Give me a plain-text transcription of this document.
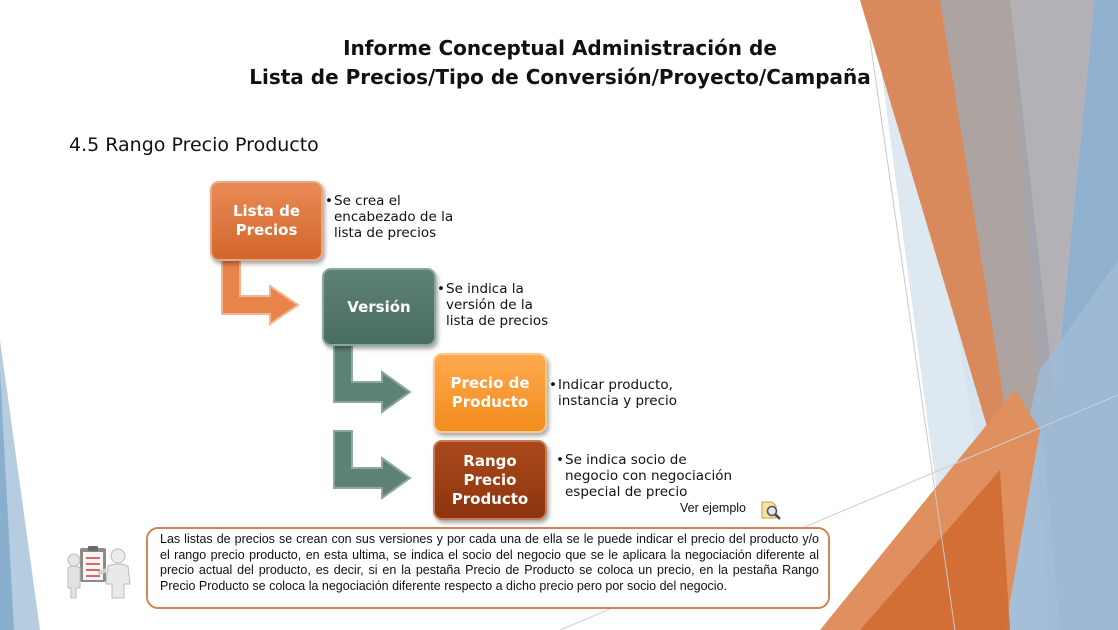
Informe Conceptual Administración de
Lista de Precios/Tipo de Conversión/Proyecto/Campaña
4.5 Rango Precio Producto
Lista de
Precios
Versión
Precio de
Producto
Rango
Precio
Producto
• Se crea el
encabezado de la
lista de precios
• Se indica la
versión de la
lista de precios
• Indicar producto,
instancia y precio
• Se indica socio de
negocio con negociación
especial de precio
Ver ejemplo
Las listas de precios se crean con sus versiones y por cada una de ella se le puede indicar el precio del producto y/o el rango precio producto, en esta ultima, se indica el socio del negocio que se le aplicara la negociación diferente al precio actual del producto, es decir, si en la pestaña Precio de Producto se coloca un precio, en la pestaña Rango Precio Producto se coloca la negociación diferente respecto a dicho precio pero por socio del negocio.
